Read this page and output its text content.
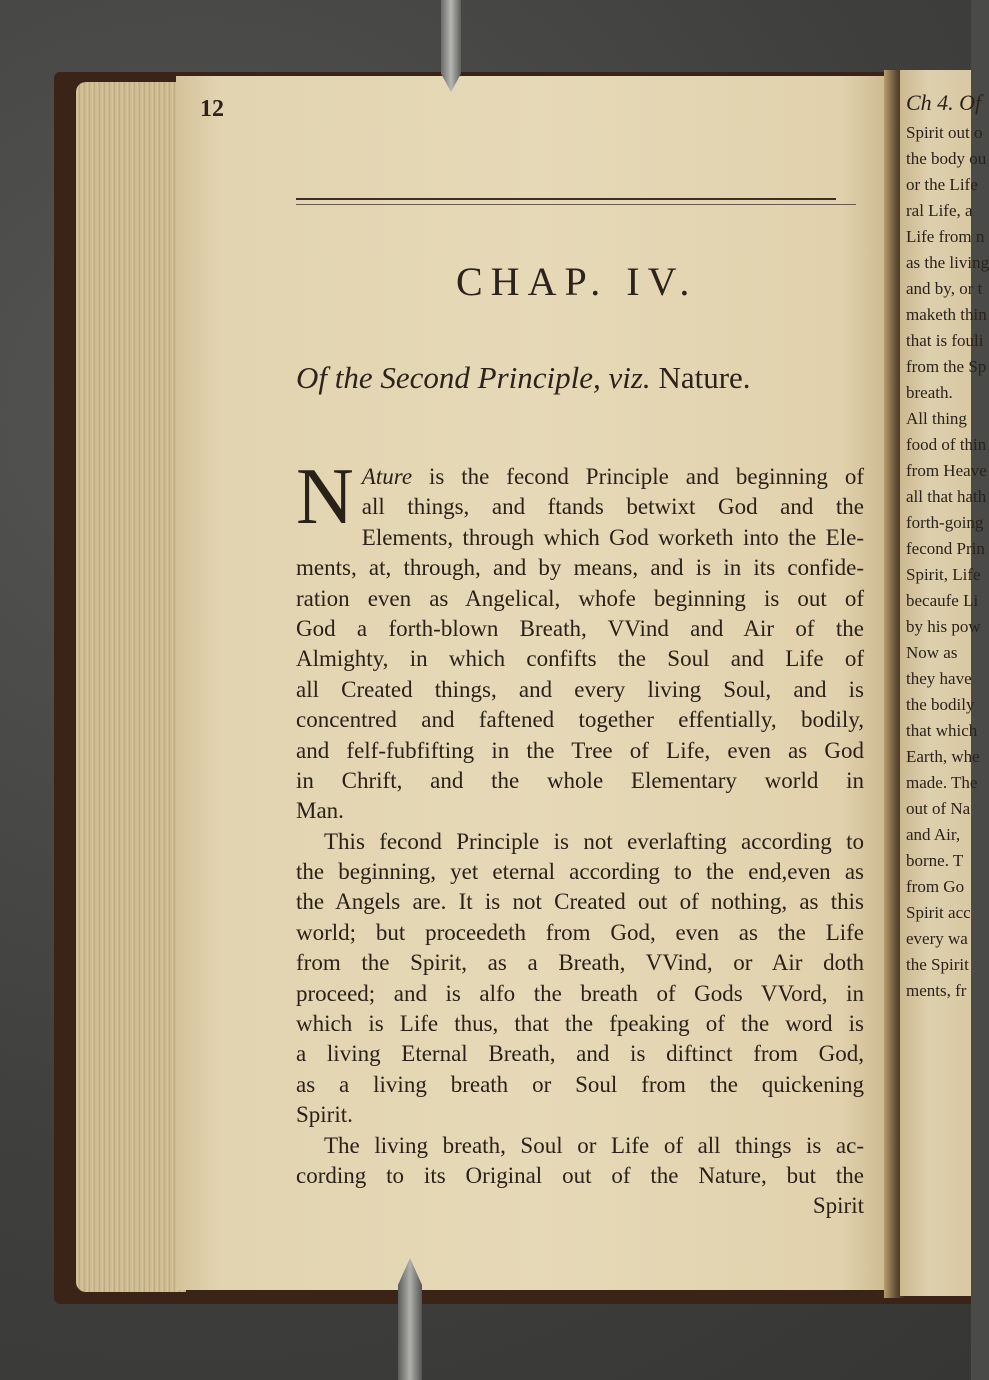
Ch 4. Of
Spirit out o
the body ou
or the Life
ral Life, a
Life from n
as the living
and by, or t
maketh thin
that is fouli
from the Sp
breath.
All thing
food of thin
from Heave
all that hath
forth-going
fecond Prin
Spirit, Life
becaufe Li
by his pow
Now as
they have
the bodily
that which
Earth, whe
made. The
out of Na
and Air,
borne. T
from Go
Spirit acc
every wa
the Spirit
ments, fr
12
CHAP. IV.
Of the Second Principle, viz. Nature.
N Ature is the fecond Principle and beginning of
all things, and ftands betwixt God and the
Elements, through which God worketh into the Ele-
ments, at, through, and by means, and is in its confide-
ration even as Angelical, whofe beginning is out of
God a forth-blown Breath, VVind and Air of the
Almighty, in which confifts the Soul and Life of
all Created things, and every living Soul, and is
concentred and faftened together effentially, bodily,
and felf-fubfifting in the Tree of Life, even as God
in Chrift, and the whole Elementary world in
Man.
This fecond Principle is not everlafting according to
the beginning, yet eternal according to the end,even as
the Angels are. It is not Created out of nothing, as this
world; but proceedeth from God, even as the Life
from the Spirit, as a Breath, VVind, or Air doth
proceed; and is alfo the breath of Gods VVord, in
which is Life thus, that the fpeaking of the word is
a living Eternal Breath, and is diftinct from God,
as a living breath or Soul from the quickening
Spirit.
The living breath, Soul or Life of all things is ac-
cording to its Original out of the Nature, but the
Spirit
